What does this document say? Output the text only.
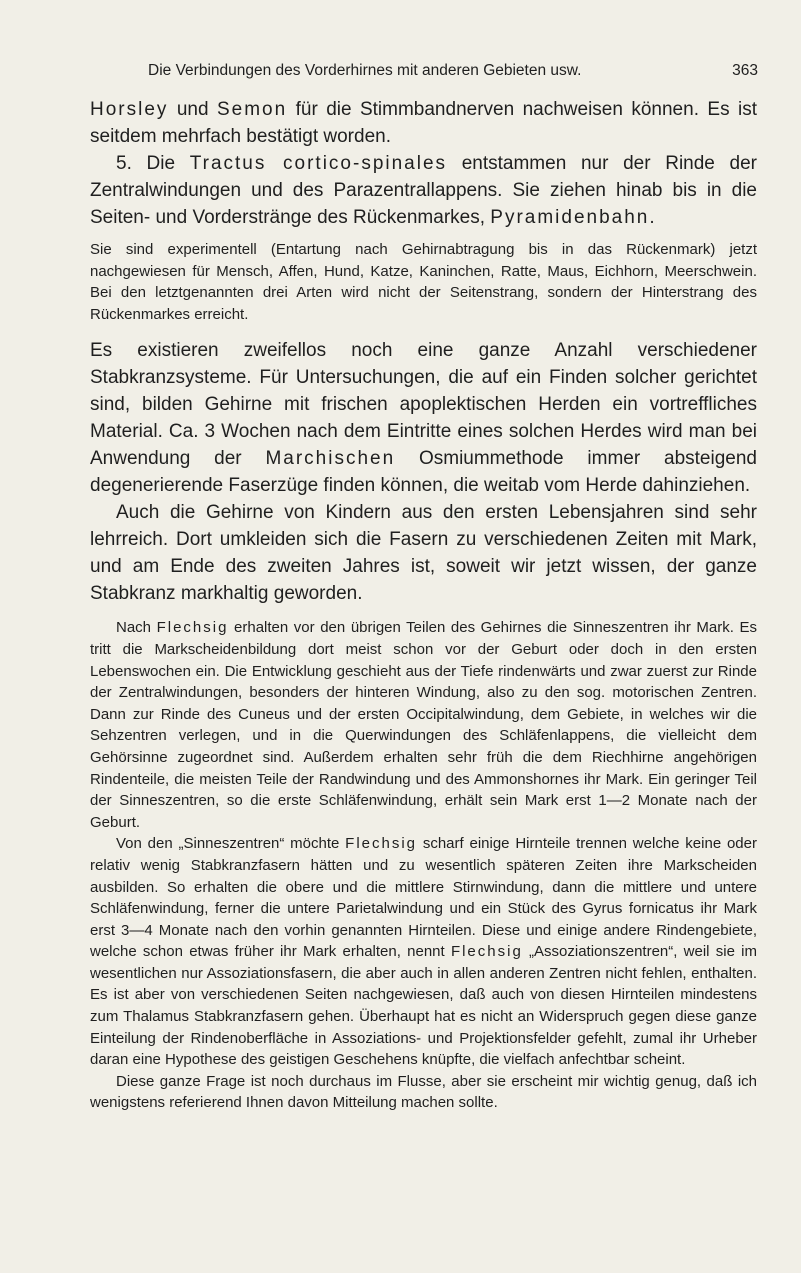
Die Verbindungen des Vorderhirnes mit anderen Gebieten usw.	363

Horsley und Semon für die Stimmbandnerven nachweisen können. Es ist seitdem mehrfach bestätigt worden.

5. Die Tractus cortico-spinales entstammen nur der Rinde der Zentralwindungen und des Parazentrallappens. Sie ziehen hinab bis in die Seiten- und Vorderstränge des Rückenmarkes, Pyramidenbahn.

Sie sind experimentell (Entartung nach Gehirnabtragung bis in das Rückenmark) jetzt nachgewiesen für Mensch, Affen, Hund, Katze, Kaninchen, Ratte, Maus, Eichhorn, Meerschwein. Bei den letztgenannten drei Arten wird nicht der Seitenstrang, sondern der Hinterstrang des Rückenmarkes erreicht.

Es existieren zweifellos noch eine ganze Anzahl verschiedener Stabkranzsysteme. Für Untersuchungen, die auf ein Finden solcher gerichtet sind, bilden Gehirne mit frischen apoplektischen Herden ein vortreffliches Material. Ca. 3 Wochen nach dem Eintritte eines solchen Herdes wird man bei Anwendung der Marchischen Osmiummethode immer absteigend degenerierende Faserzüge finden können, die weitab vom Herde dahinziehen.

Auch die Gehirne von Kindern aus den ersten Lebensjahren sind sehr lehrreich. Dort umkleiden sich die Fasern zu verschiedenen Zeiten mit Mark, und am Ende des zweiten Jahres ist, soweit wir jetzt wissen, der ganze Stabkranz markhaltig geworden.

Nach Flechsig erhalten vor den übrigen Teilen des Gehirnes die Sinneszentren ihr Mark. Es tritt die Markscheidenbildung dort meist schon vor der Geburt oder doch in den ersten Lebenswochen ein. Die Entwicklung geschieht aus der Tiefe rindenwärts und zwar zuerst zur Rinde der Zentralwindungen, besonders der hinteren Windung, also zu den sog. motorischen Zentren. Dann zur Rinde des Cuneus und der ersten Occipitalwindung, dem Gebiete, in welches wir die Sehzentren verlegen, und in die Querwindungen des Schläfenlappens, die vielleicht dem Gehörsinne zugeordnet sind. Außerdem erhalten sehr früh die dem Riechhirne angehörigen Rindenteile, die meisten Teile der Randwindung und des Ammonshornes ihr Mark. Ein geringer Teil der Sinneszentren, so die erste Schläfenwindung, erhält sein Mark erst 1—2 Monate nach der Geburt.

Von den „Sinneszentren“ möchte Flechsig scharf einige Hirnteile trennen welche keine oder relativ wenig Stabkranzfasern hätten und zu wesentlich späteren Zeiten ihre Markscheiden ausbilden. So erhalten die obere und die mittlere Stirnwindung, dann die mittlere und untere Schläfenwindung, ferner die untere Parietalwindung und ein Stück des Gyrus fornicatus ihr Mark erst 3—4 Monate nach den vorhin genannten Hirnteilen. Diese und einige andere Rindengebiete, welche schon etwas früher ihr Mark erhalten, nennt Flechsig „Assoziationszentren“, weil sie im wesentlichen nur Assoziationsfasern, die aber auch in allen anderen Zentren nicht fehlen, enthalten. Es ist aber von verschiedenen Seiten nachgewiesen, daß auch von diesen Hirnteilen mindestens zum Thalamus Stabkranzfasern gehen. Überhaupt hat es nicht an Widerspruch gegen diese ganze Einteilung der Rindenoberfläche in Assoziations- und Projektionsfelder gefehlt, zumal ihr Urheber daran eine Hypothese des geistigen Geschehens knüpfte, die vielfach anfechtbar scheint.

Diese ganze Frage ist noch durchaus im Flusse, aber sie erscheint mir wichtig genug, daß ich wenigstens referierend Ihnen davon Mitteilung machen sollte.
